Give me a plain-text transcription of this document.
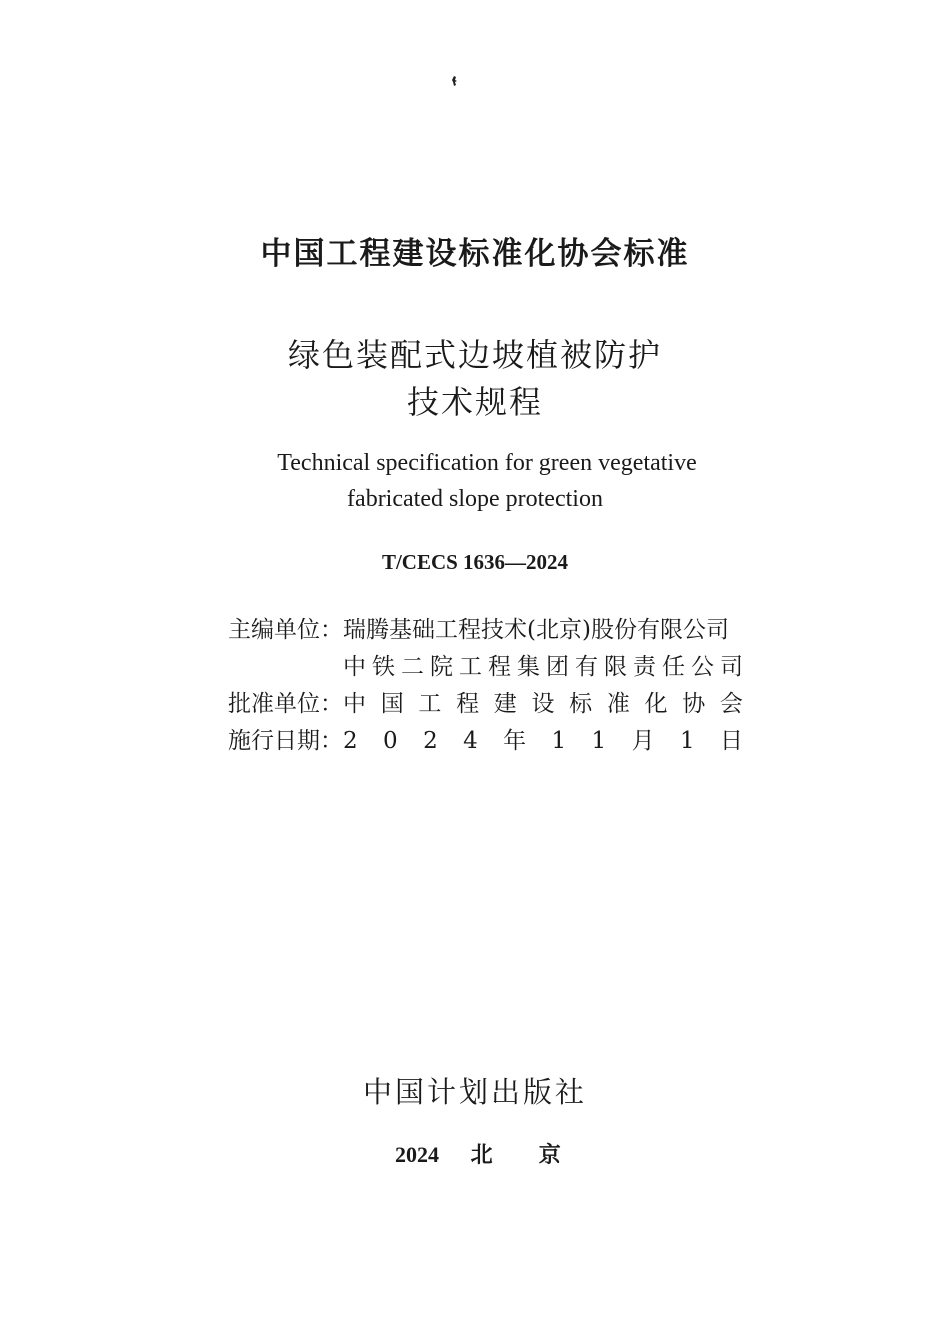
中国工程建设标准化协会标准
绿色装配式边坡植被防护
技术规程
Technical specification for green vegetative
fabricated slope protection
T/CECS 1636—2024
主编单位： 瑞腾基础工程技术(北京)股份有限公司
中 铁 二 院 工 程 集 团 有 限 责 任 公 司
批准单位： 中 国 工 程 建 设 标 准 化 协 会
施行日期： 2 0 2 4 年 1 1 月 1 日
中国计划出版社
2024 北 京
